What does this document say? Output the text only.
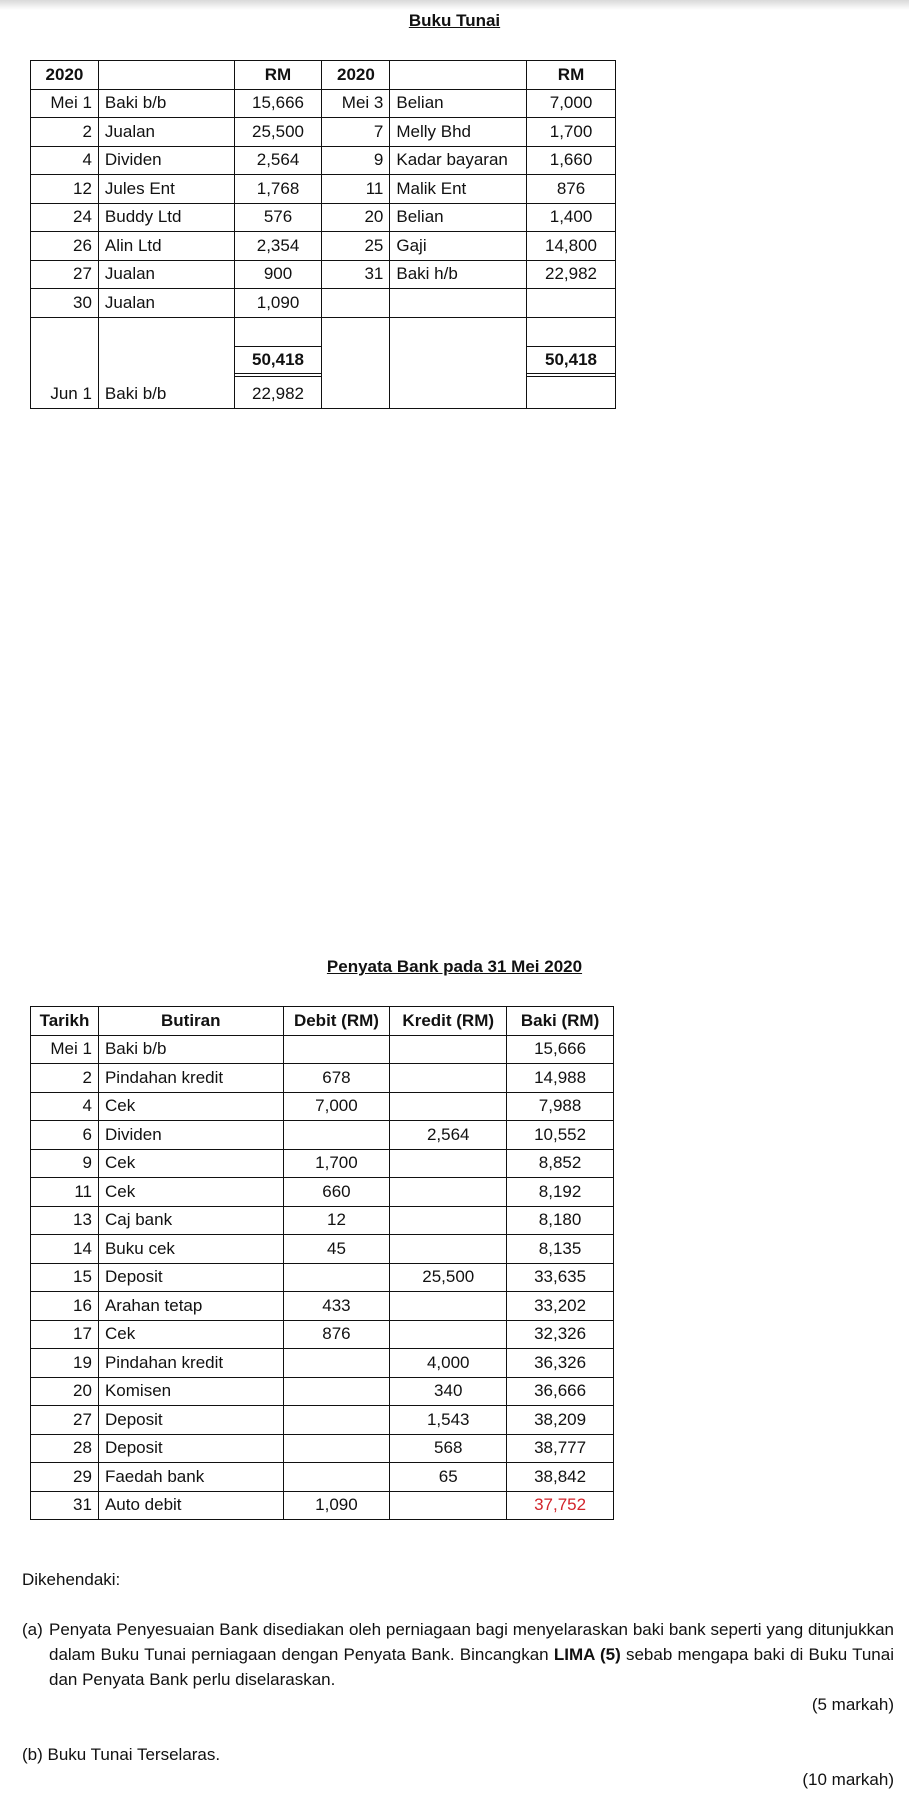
Buku Tunai
2020		RM	2020		RM
Mei 1	Baki b/b	15,666	Mei 3	Belian	7,000
2	Jualan	25,500	7	Melly Bhd	1,700
4	Dividen	2,564	9	Kadar bayaran	1,660
12	Jules Ent	1,768	11	Malik Ent	876
24	Buddy Ltd	576	20	Belian	1,400
26	Alin Ltd	2,354	25	Gaji	14,800
27	Jualan	900	31	Baki h/b	22,982
30	Jualan	1,090			

		50,418			50,418

Jun 1	Baki b/b	22,982			
Penyata Bank pada 31 Mei 2020
Tarikh	Butiran	Debit (RM)	Kredit (RM)	Baki (RM)
Mei 1	Baki b/b			15,666
2	Pindahan kredit	678		14,988
4	Cek	7,000		7,988
6	Dividen		2,564	10,552
9	Cek	1,700		8,852
11	Cek	660		8,192
13	Caj bank	12		8,180
14	Buku cek	45		8,135
15	Deposit		25,500	33,635
16	Arahan tetap	433		33,202
17	Cek	876		32,326
19	Pindahan kredit		4,000	36,326
20	Komisen		340	36,666
27	Deposit		1,543	38,209
28	Deposit		568	38,777
29	Faedah bank		65	38,842
31	Auto debit	1,090		37,752
Dikehendaki:
(a) Penyata Penyesuaian Bank disediakan oleh perniagaan bagi menyelaraskan baki bank seperti yang ditunjukkan dalam Buku Tunai perniagaan dengan Penyata Bank. Bincangkan LIMA (5) sebab mengapa baki di Buku Tunai dan Penyata Bank perlu diselaraskan.
(5 markah)
(b) Buku Tunai Terselaras.
(10 markah)
